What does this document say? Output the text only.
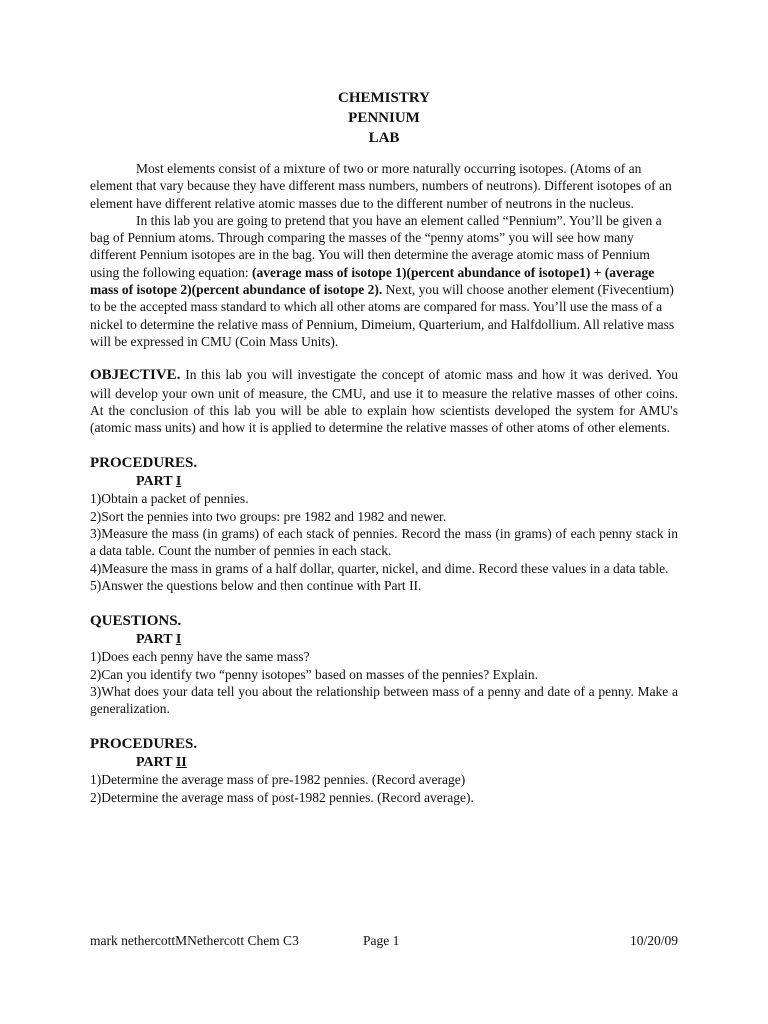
CHEMISTRY
PENNIUM
LAB

Most elements consist of a mixture of two or more naturally occurring isotopes. (Atoms of an element that vary because they have different mass numbers, numbers of neutrons). Different isotopes of an element have different relative atomic masses due to the different number of neutrons in the nucleus.

In this lab you are going to pretend that you have an element called “Pennium”. You’ll be given a bag of Pennium atoms. Through comparing the masses of the “penny atoms” you will see how many different Pennium isotopes are in the bag. You will then determine the average atomic mass of Pennium using the following equation: (average mass of isotope 1)(percent abundance of isotope1) + (average mass of isotope 2)(percent abundance of isotope 2). Next, you will choose another element (Fivecentium) to be the accepted mass standard to which all other atoms are compared for mass. You’ll use the mass of a nickel to determine the relative mass of Pennium, Dimeium, Quarterium, and Halfdollium. All relative mass will be expressed in CMU (Coin Mass Units).

OBJECTIVE. In this lab you will investigate the concept of atomic mass and how it was derived. You will develop your own unit of measure, the CMU, and use it to measure the relative masses of other coins. At the conclusion of this lab you will be able to explain how scientists developed the system for AMU's (atomic mass units) and how it is applied to determine the relative masses of other atoms of other elements.

PROCEDURES.
PART I
1)Obtain a packet of pennies.
2)Sort the pennies into two groups: pre 1982 and 1982 and newer.
3)Measure the mass (in grams) of each stack of pennies. Record the mass (in grams) of each penny stack in a data table. Count the number of pennies in each stack.
4)Measure the mass in grams of a half dollar, quarter, nickel, and dime. Record these values in a data table.
5)Answer the questions below and then continue with Part II.
QUESTIONS.
PART I
1)Does each penny have the same mass?
2)Can you identify two “penny isotopes” based on masses of the pennies? Explain.
3)What does your data tell you about the relationship between mass of a penny and date of a penny. Make a generalization.
PROCEDURES.
PART II
1)Determine the average mass of pre-1982 pennies. (Record average)
2)Determine the average mass of post-1982 pennies. (Record average).
mark nethercottMNethercott Chem C3	Page 1	10/20/09
